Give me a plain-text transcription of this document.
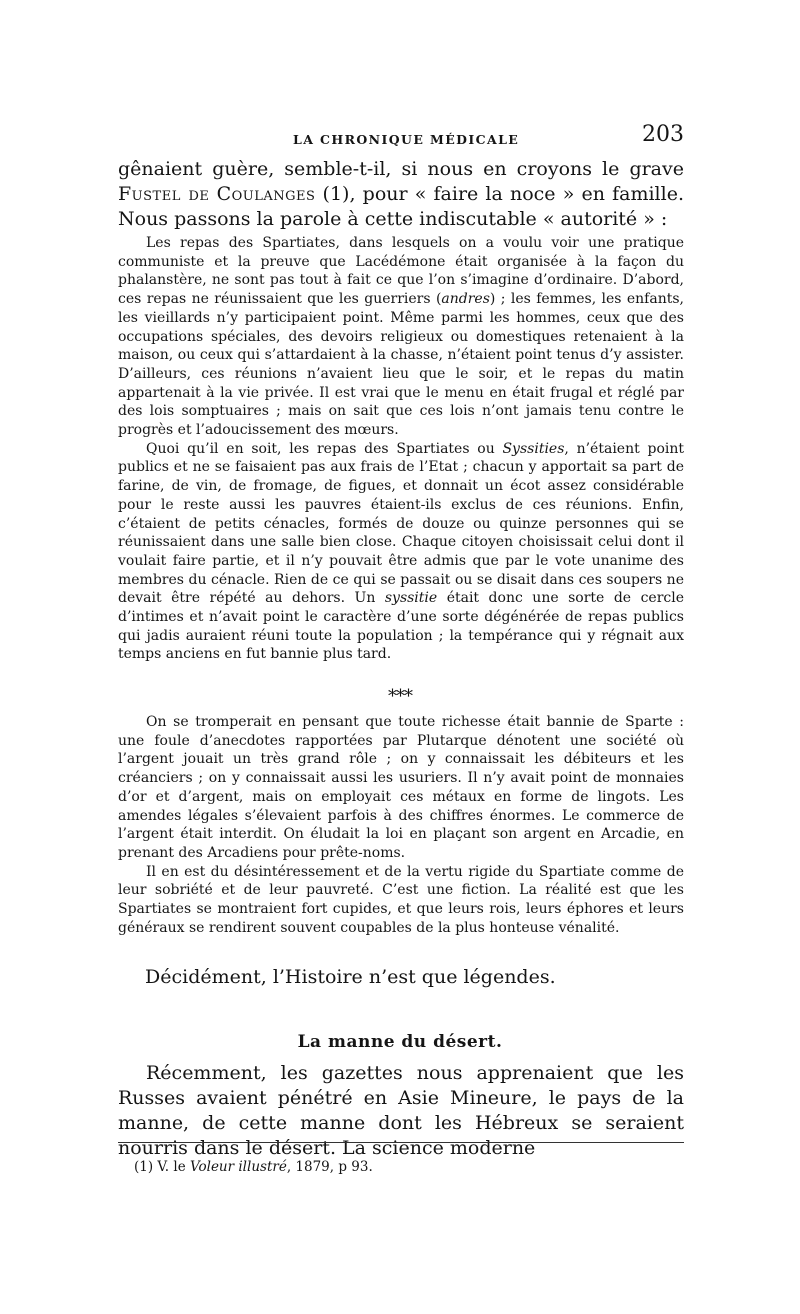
LA CHRONIQUE MÉDICALE	203

gênaient guère, semble-t-il, si nous en croyons le grave Fustel de Coulanges (1), pour « faire la noce » en famille. Nous passons la parole à cette indiscutable « autorité » :

Les repas des Spartiates, dans lesquels on a voulu voir une pratique communiste et la preuve que Lacédémone était organisée à la façon du phalanstère, ne sont pas tout à fait ce que l’on s’imagine d’ordinaire. D’abord, ces repas ne réunissaient que les guerriers (andres) ; les femmes, les enfants, les vieillards n’y participaient point. Même parmi les hommes, ceux que des occupations spéciales, des devoirs religieux ou domestiques retenaient à la maison, ou ceux qui s’attardaient à la chasse, n’étaient point tenus d’y assister. D’ailleurs, ces réunions n’avaient lieu que le soir, et le repas du matin appartenait à la vie privée. Il est vrai que le menu en était frugal et réglé par des lois somptuaires ; mais on sait que ces lois n’ont jamais tenu contre le progrès et l’adoucissement des mœurs.

Quoi qu’il en soit, les repas des Spartiates ou Syssities, n’étaient point publics et ne se faisaient pas aux frais de l’Etat ; chacun y apportait sa part de farine, de vin, de fromage, de figues, et donnait un écot assez considérable pour le reste aussi les pauvres étaient-ils exclus de ces réunions. Enfin, c’étaient de petits cénacles, formés de douze ou quinze personnes qui se réunissaient dans une salle bien close. Chaque citoyen choisissait celui dont il voulait faire partie, et il n’y pouvait être admis que par le vote unanime des membres du cénacle. Rien de ce qui se passait ou se disait dans ces soupers ne devait être répété au dehors. Un syssitie était donc une sorte de cercle d’intimes et n’avait point le caractère d’une sorte dégénérée de repas publics qui jadis auraient réuni toute la population ; la tempérance qui y régnait aux temps anciens en fut bannie plus tard.

***

On se tromperait en pensant que toute richesse était bannie de Sparte : une foule d’anecdotes rapportées par Plutarque dénotent une société où l’argent jouait un très grand rôle ; on y connaissait les débiteurs et les créanciers ; on y connaissait aussi les usuriers. Il n’y avait point de monnaies d’or et d’argent, mais on employait ces métaux en forme de lingots. Les amendes légales s’élevaient parfois à des chiffres énormes. Le commerce de l’argent était interdit. On éludait la loi en plaçant son argent en Arcadie, en prenant des Arcadiens pour prête-noms.

Il en est du désintéressement et de la vertu rigide du Spartiate comme de leur sobriété et de leur pauvreté. C’est une fiction. La réalité est que les Spartiates se montraient fort cupides, et que leurs rois, leurs éphores et leurs généraux se rendirent souvent coupables de la plus honteuse vénalité.

Décidément, l’Histoire n’est que légendes.
La manne du désert.

Récemment, les gazettes nous apprenaient que les Russes avaient pénétré en Asie Mineure, le pays de la manne, de cette manne dont les Hébreux se seraient nourris dans le désert. La science moderne

(1) V. le Voleur illustré, 1879, p 93.
